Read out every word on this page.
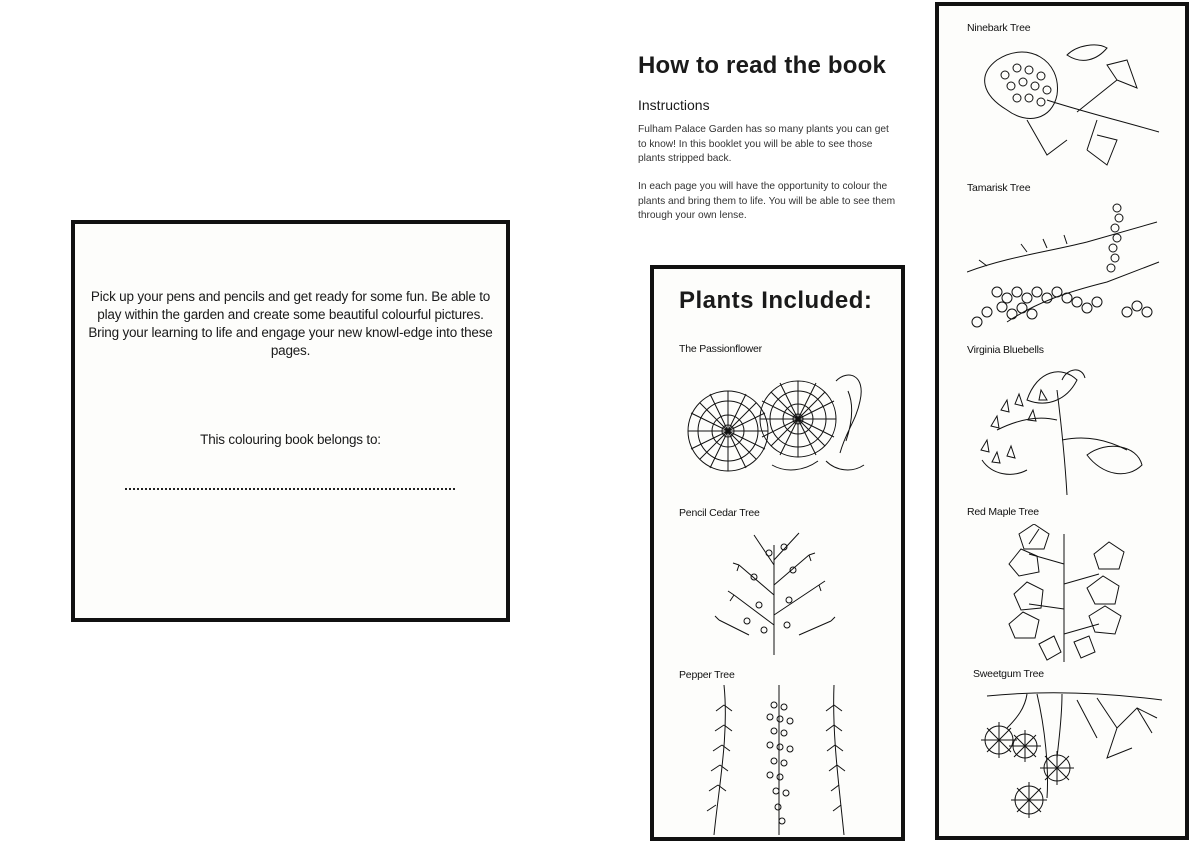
Pick up your pens and pencils and get ready for some fun. Be able to play within the garden and create some beautiful colourful pictures. Bring your learning to life and engage your new knowl-edge into these pages.
This colouring book belongs to:
How to read the book
Instructions
Fulham Palace Garden has so many plants you can get to know! In this booklet you will be able to see those plants stripped back.
In each page you will have the opportunity to colour the plants and bring them to life. You will be able to see them through your own lense.
Plants Included:
The Passionflower
Pencil Cedar Tree
Pepper Tree
Ninebark Tree
Tamarisk Tree
Virginia Bluebells
Red Maple Tree
Sweetgum Tree
